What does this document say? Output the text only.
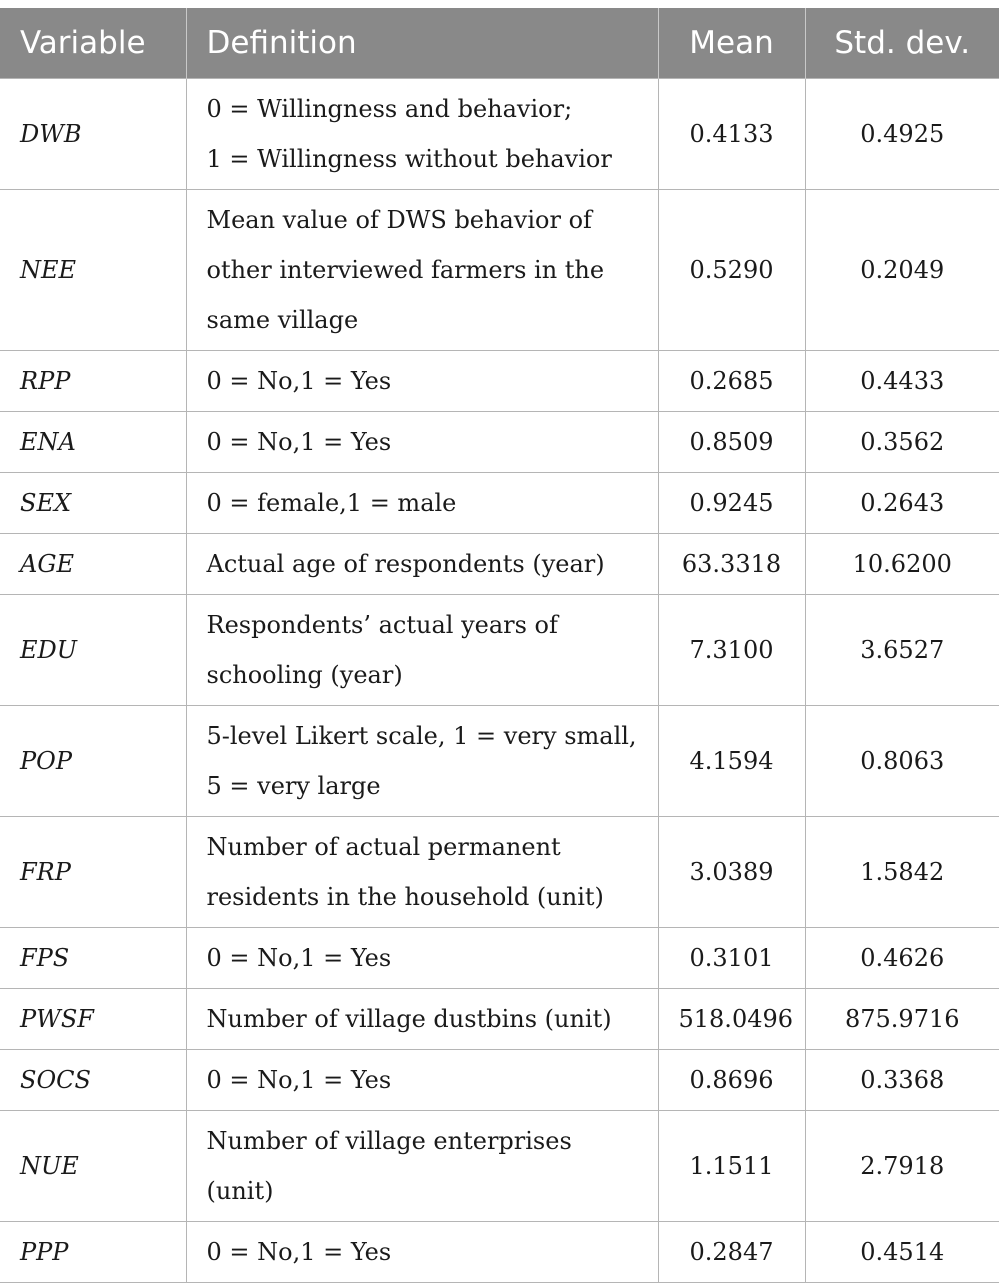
Variable	Definition	Mean	Std. dev.
DWB	0 = Willingness and behavior;
1 = Willingness without behavior	0.4133	0.4925
NEE	Mean value of DWS behavior of
other interviewed farmers in the
same village	0.5290	0.2049
RPP	0 = No,1 = Yes	0.2685	0.4433
ENA	0 = No,1 = Yes	0.8509	0.3562
SEX	0 = female,1 = male	0.9245	0.2643
AGE	Actual age of respondents (year)	63.3318	10.6200
EDU	Respondents’ actual years of
schooling (year)	7.3100	3.6527
POP	5-level Likert scale, 1 = very small,
5 = very large	4.1594	0.8063
FRP	Number of actual permanent
residents in the household (unit)	3.0389	1.5842
FPS	0 = No,1 = Yes	0.3101	0.4626
PWSF	Number of village dustbins (unit)	518.0496	875.9716
SOCS	0 = No,1 = Yes	0.8696	0.3368
NUE	Number of village enterprises (unit)	1.1511	2.7918
PPP	0 = No,1 = Yes	0.2847	0.4514
